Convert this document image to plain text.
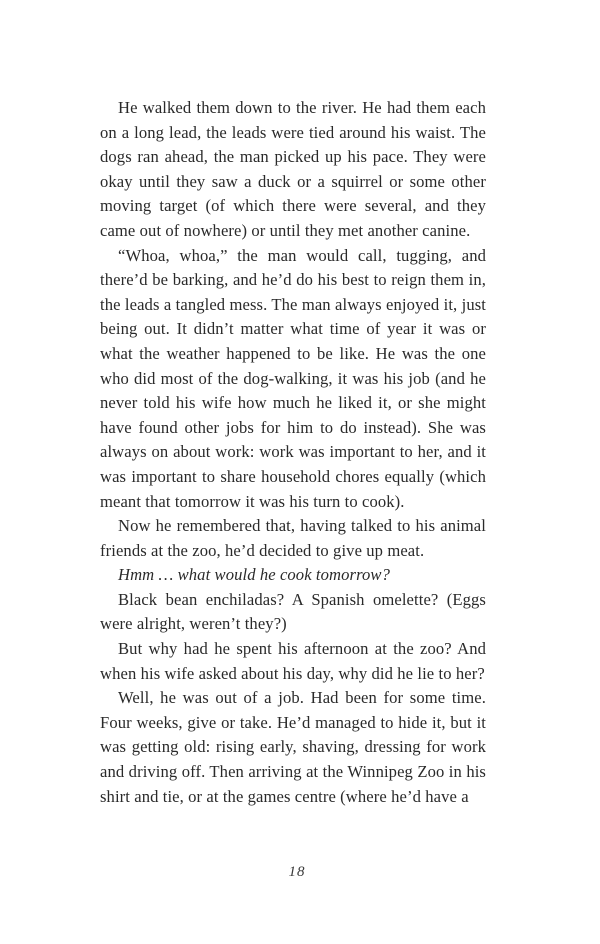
He walked them down to the river. He had them each on a long lead, the leads were tied around his waist. The dogs ran ahead, the man picked up his pace. They were okay until they saw a duck or a squirrel or some other moving target (of which there were several, and they came out of nowhere) or until they met another canine.

“Whoa, whoa,” the man would call, tugging, and there’d be barking, and he’d do his best to reign them in, the leads a tangled mess. The man always enjoyed it, just being out. It didn’t matter what time of year it was or what the weather happened to be like. He was the one who did most of the dog-walking, it was his job (and he never told his wife how much he liked it, or she might have found other jobs for him to do instead). She was always on about work: work was important to her, and it was important to share household chores equally (which meant that tomorrow it was his turn to cook).

Now he remembered that, having talked to his animal friends at the zoo, he’d decided to give up meat.

Hmm … what would he cook tomorrow?

Black bean enchiladas? A Spanish omelette? (Eggs were alright, weren’t they?)

But why had he spent his afternoon at the zoo? And when his wife asked about his day, why did he lie to her?

Well, he was out of a job. Had been for some time. Four weeks, give or take. He’d managed to hide it, but it was getting old: rising early, shaving, dressing for work and driving off. Then arriving at the Winnipeg Zoo in his shirt and tie, or at the games centre (where he’d have a

18
